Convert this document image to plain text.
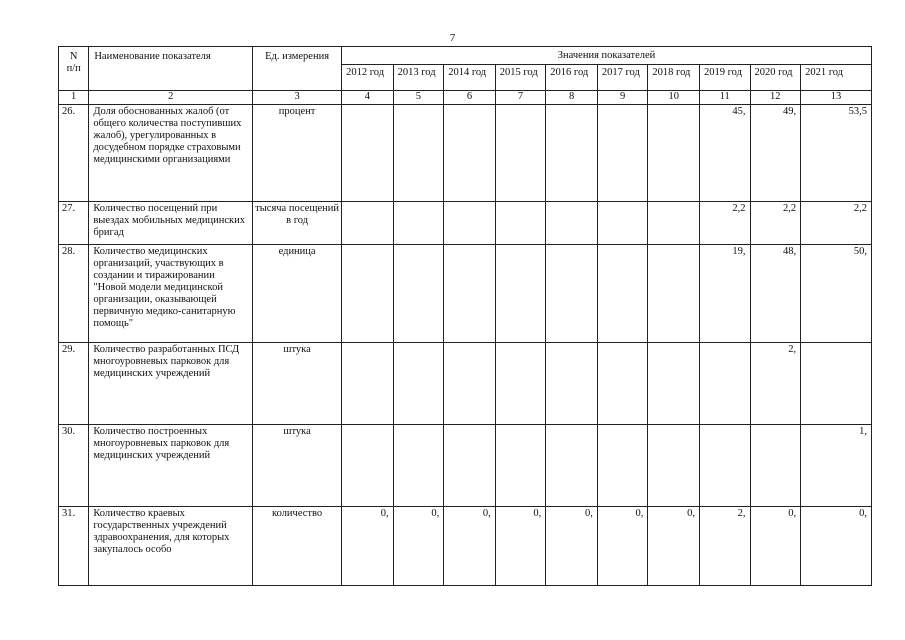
7
N
п/п	Наименование показателя	Ед. измерения	Значения показателей									
			2012 год	2013 год	2014 год	2015 год	2016 год	2017 год	2018 год	2019 год	2020 год	2021 год
1	2	3	4	5	6	7	8	9	10	11	12	13
26.	Доля обоснованных жалоб (от общего количества поступивших жалоб), урегулированных в досудебном порядке страховыми медицинскими организациями	процент								45,	49,	53,5
27.	Количество посещений при выездах мобильных медицинских бригад	тысяча посещений в год								2,2	2,2	2,2
28.	Количество медицинских организаций, участвующих в создании и тиражировании "Новой модели медицинской организации, оказывающей первичную медико-санитарную помощь"	единица								19,	48,	50,
29.	Количество разработанных ПСД многоуровневых парковок для медицинских учреждений	штука									2,	
30.	Количество построенных многоуровневых парковок для медицинских учреждений	штука										1,
31.	Количество краевых государственных учреждений здравоохранения, для которых закупалось особо	количество	0,	0,	0,	0,	0,	0,	0,	2,	0,	0,
